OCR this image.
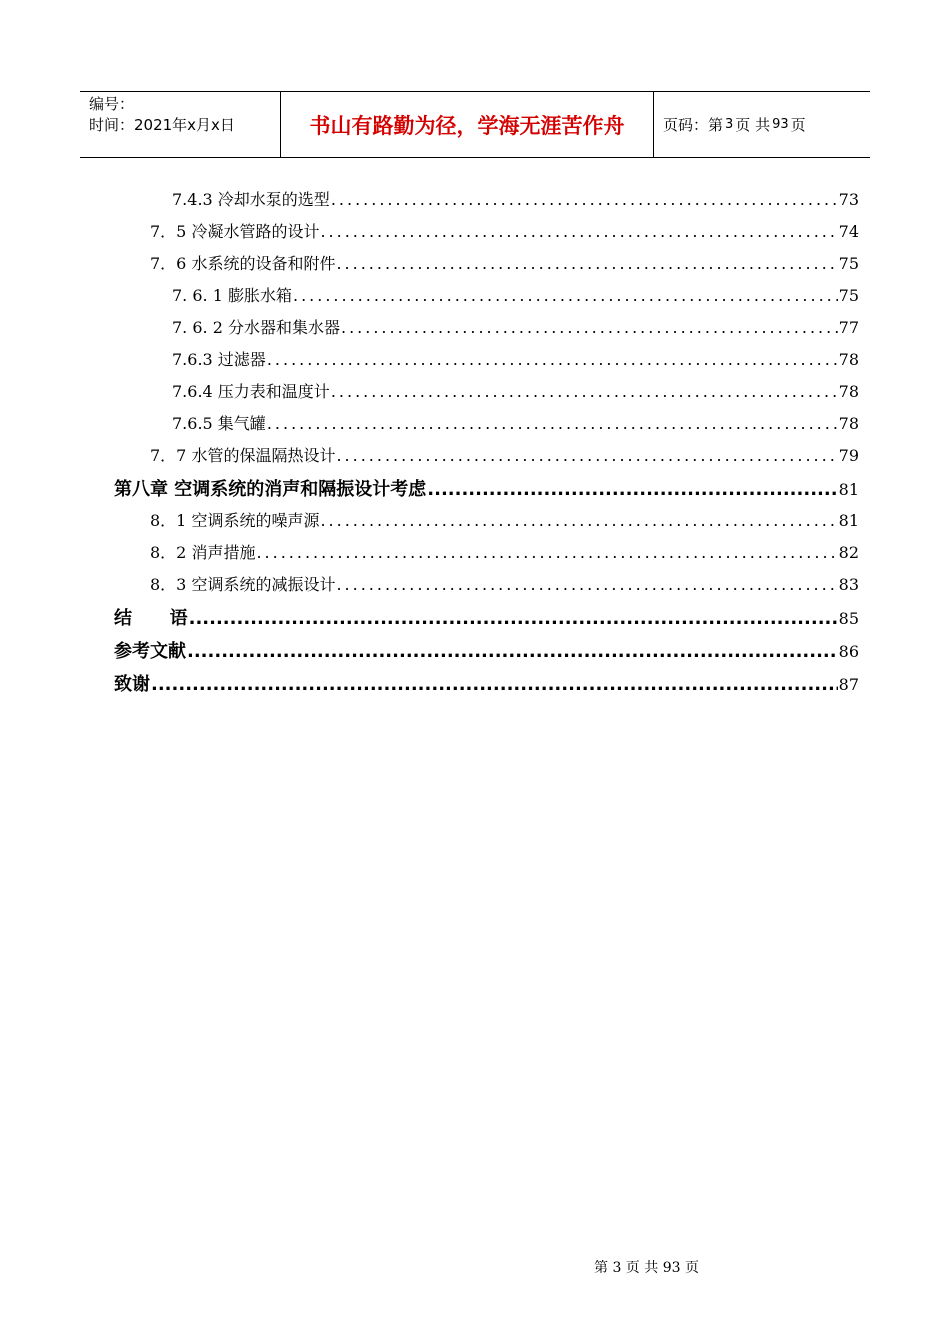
编号：
时间：2021年x月x日	书山有路勤为径，学海无涯苦作舟	页码：第 3 页 共 93 页
7.4.3 冷却水泵的选型 .....	73
7．5 冷凝水管路的设计 .....	74
7．6 水系统的设备和附件 .....	75
7. 6. 1 膨胀水箱 .....	75
7. 6. 2 分水器和集水器 .....	77
7.6.3 过滤器 .....	78
7.6.4 压力表和温度计 .....	78
7.6.5 集气罐 .....	78
7．7 水管的保温隔热设计 .....	79
第八章 空调系统的消声和隔振设计考虑 .....	81
8．1 空调系统的噪声源 .....	81
8．2 消声措施 .....	82
8．3 空调系统的减振设计 .....	83
结      语 .....	85
参考文献 .....	86
致谢 .....	87
第 3 页 共 93 页
